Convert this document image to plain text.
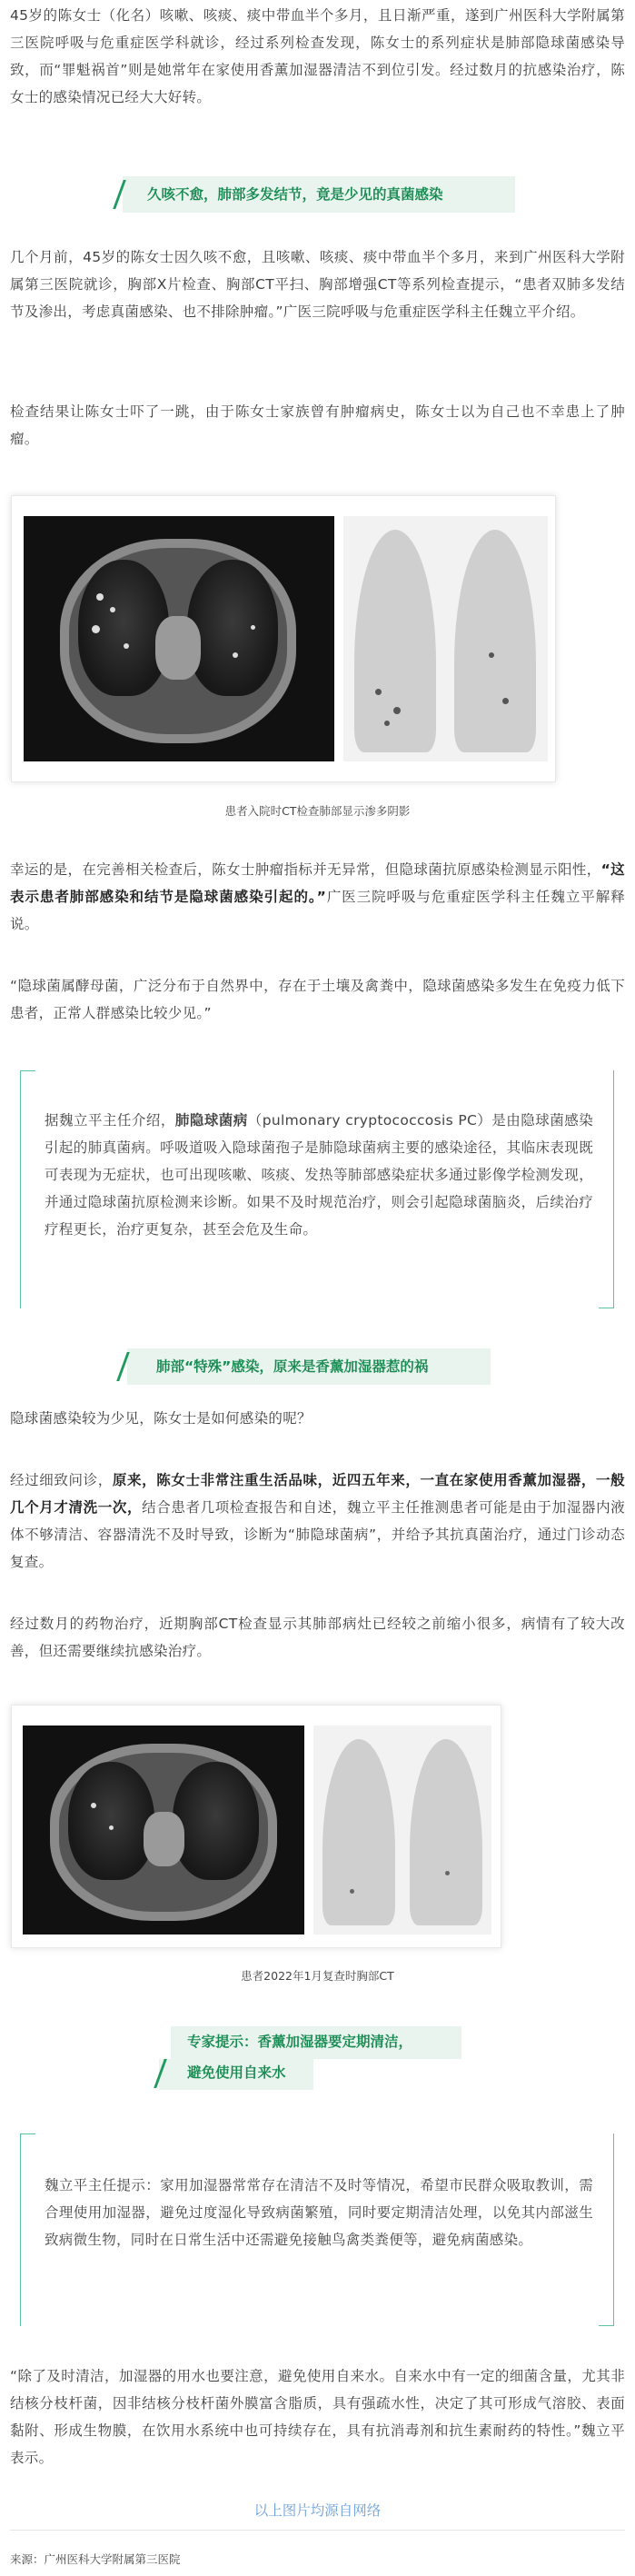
45岁的陈女士（化名）咳嗽、咳痰、痰中带血半个多月，且日渐严重，遂到广州医科大学附属第三医院呼吸与危重症医学科就诊，经过系列检查发现，陈女士的系列症状是肺部隐球菌感染导致，而“罪魁祸首”则是她常年在家使用香薰加湿器清洁不到位引发。经过数月的抗感染治疗，陈女士的感染情况已经大大好转。
久咳不愈，肺部多发结节，竟是少见的真菌感染
几个月前，45岁的陈女士因久咳不愈，且咳嗽、咳痰、痰中带血半个多月，来到广州医科大学附属第三医院就诊，胸部X片检查、胸部CT平扫、胸部增强CT等系列检查提示，“患者双肺多发结节及渗出，考虑真菌感染、也不排除肿瘤。”广医三院呼吸与危重症医学科主任魏立平介绍。
检查结果让陈女士吓了一跳，由于陈女士家族曾有肿瘤病史，陈女士以为自己也不幸患上了肿瘤。
患者入院时CT检查肺部显示渗多阴影
幸运的是，在完善相关检查后，陈女士肿瘤指标并无异常，但隐球菌抗原感染检测显示阳性，“这表示患者肺部感染和结节是隐球菌感染引起的。”广医三院呼吸与危重症医学科主任魏立平解释说。
“隐球菌属酵母菌，广泛分布于自然界中，存在于土壤及禽粪中，隐球菌感染多发生在免疫力低下患者，正常人群感染比较少见。”
据魏立平主任介绍，肺隐球菌病（pulmonary cryptococcosis PC）是由隐球菌感染引起的肺真菌病。呼吸道吸入隐球菌孢子是肺隐球菌病主要的感染途径，其临床表现既可表现为无症状，也可出现咳嗽、咳痰、发热等肺部感染症状多通过影像学检测发现，并通过隐球菌抗原检测来诊断。如果不及时规范治疗，则会引起隐球菌脑炎，后续治疗疗程更长，治疗更复杂，甚至会危及生命。
肺部“特殊”感染，原来是香薰加湿器惹的祸
隐球菌感染较为少见，陈女士是如何感染的呢？
经过细致问诊，原来，陈女士非常注重生活品味，近四五年来，一直在家使用香薰加湿器，一般几个月才清洗一次，结合患者几项检查报告和自述，魏立平主任推测患者可能是由于加湿器内液体不够清洁、容器清洗不及时导致，诊断为“肺隐球菌病”，并给予其抗真菌治疗，通过门诊动态复查。
经过数月的药物治疗，近期胸部CT检查显示其肺部病灶已经较之前缩小很多，病情有了较大改善，但还需要继续抗感染治疗。
患者2022年1月复查时胸部CT
专家提示：香薰加湿器要定期清洁，
避免使用自来水
魏立平主任提示：家用加湿器常常存在清洁不及时等情况，希望市民群众吸取教训，需合理使用加湿器，避免过度湿化导致病菌繁殖，同时要定期清洁处理，以免其内部滋生致病微生物，同时在日常生活中还需避免接触鸟禽类粪便等，避免病菌感染。
“除了及时清洁，加湿器的用水也要注意，避免使用自来水。自来水中有一定的细菌含量，尤其非结核分枝杆菌，因非结核分枝杆菌外膜富含脂质，具有强疏水性，决定了其可形成气溶胶、表面黏附、形成生物膜，在饮用水系统中也可持续存在，具有抗消毒剂和抗生素耐药的特性。”魏立平表示。
以上图片均源自网络
来源：广州医科大学附属第三医院
